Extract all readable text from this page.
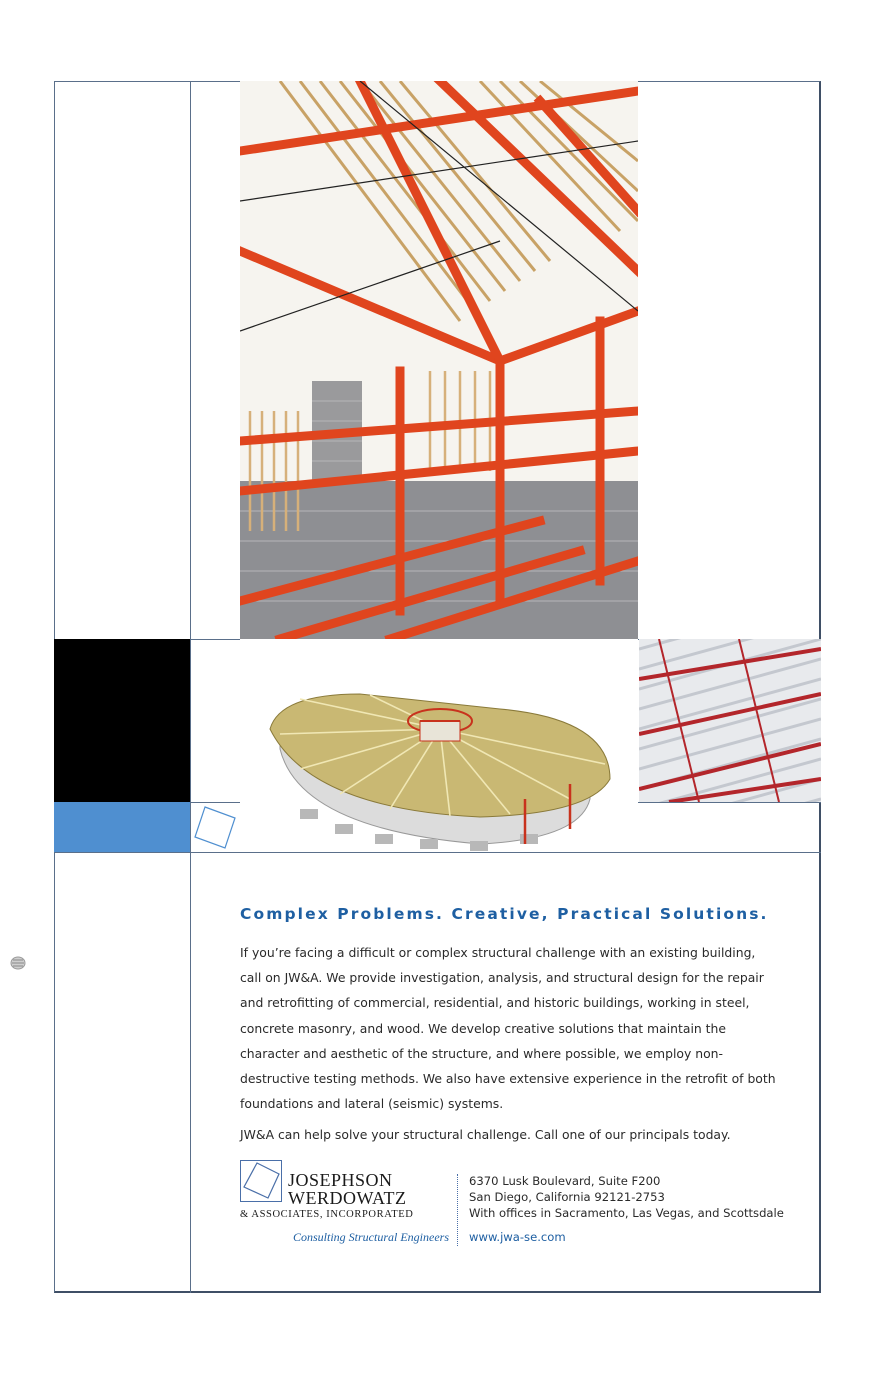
Complex Problems. Creative, Practical Solutions.

If you’re facing a difficult or complex structural challenge with an existing building, call on JW&A. We provide investigation, analysis, and structural design for the repair and retrofitting of commercial, residential, and historic buildings, working in steel, concrete masonry, and wood. We develop creative solutions that maintain the character and aesthetic of the structure, and where possible, we employ non-destructive testing methods. We also have extensive experience in the retrofit of both foundations and lateral (seismic) systems.

JW&A can help solve your structural challenge. Call one of our principals today.

JOSEPHSON
WERDOWATZ
& ASSOCIATES, INCORPORATED
Consulting Structural Engineers
6370 Lusk Boulevard, Suite F200
San Diego, California 92121-2753
With offices in Sacramento, Las Vegas, and Scottsdale
www.jwa-se.com
